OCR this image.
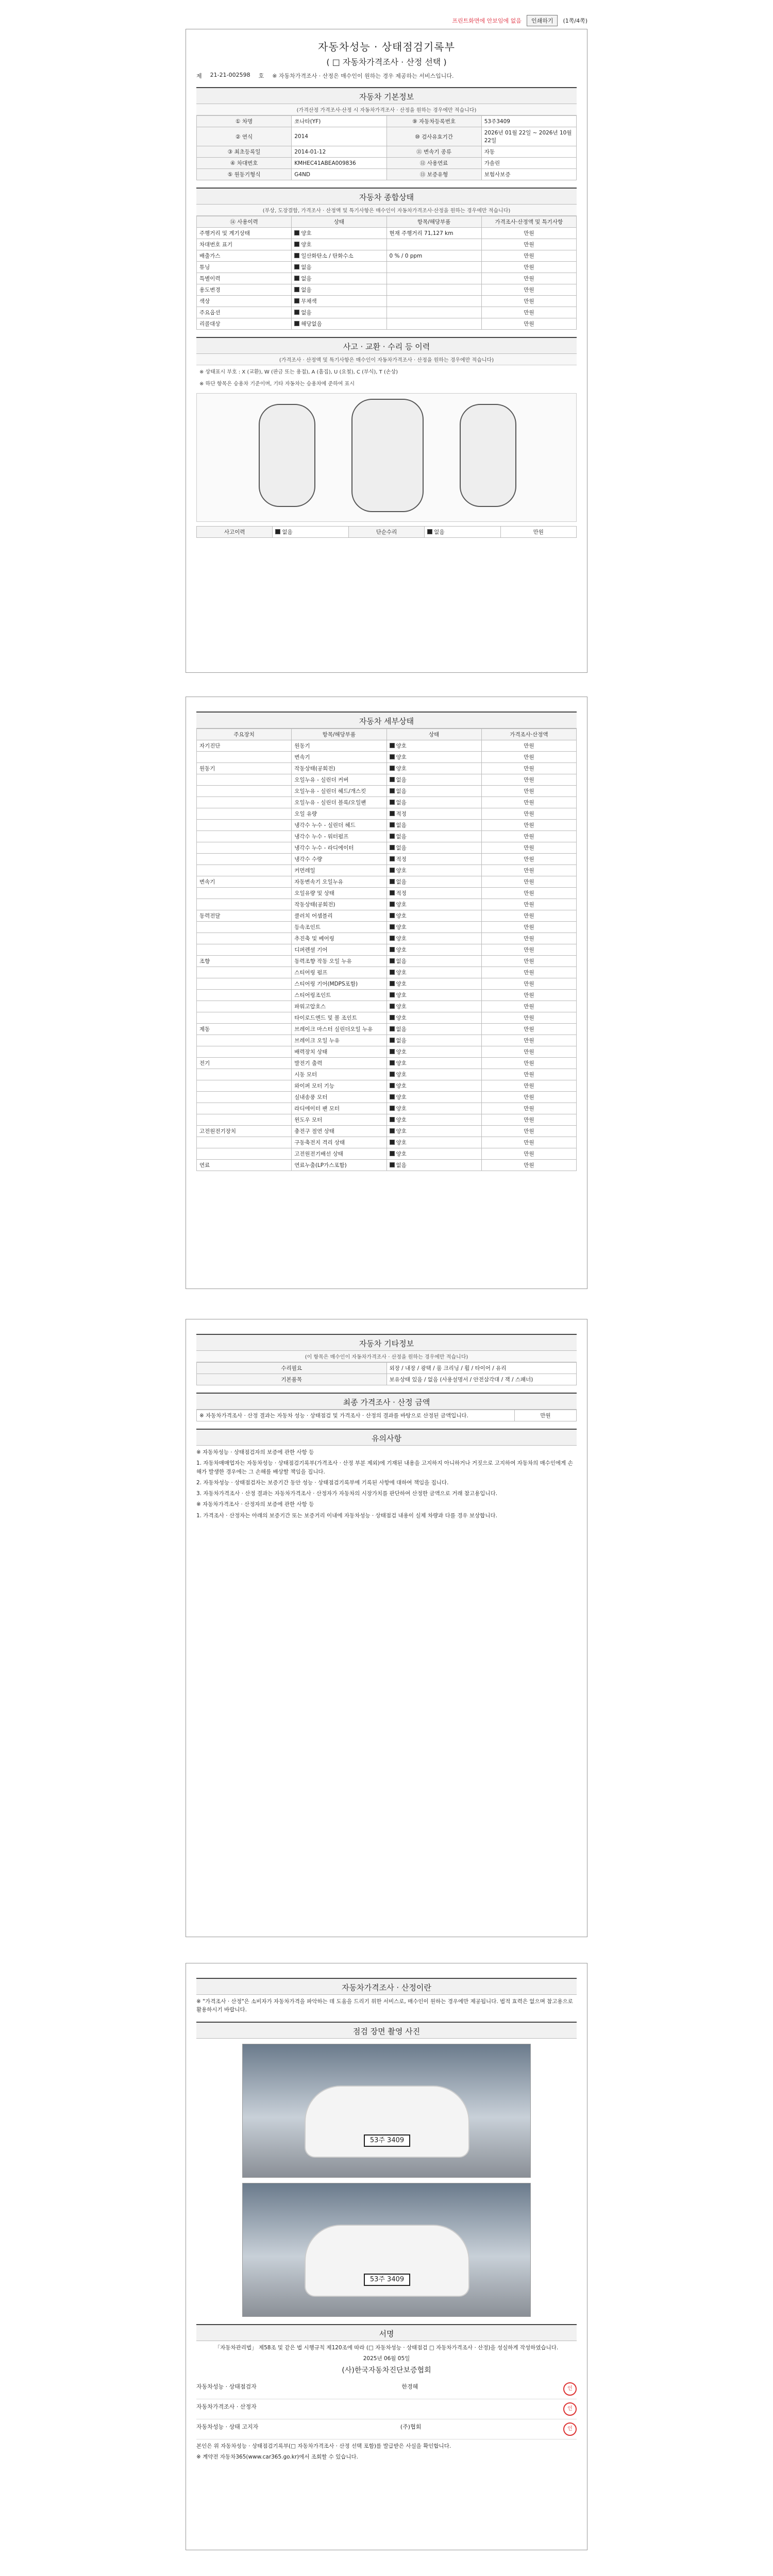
프린트화면에 안보임에 없음	인쇄하기	(1쪽/4쪽)
자동차성능 · 상태점검기록부
( □ 자동차가격조사 · 산정 선택 )
제 21-21-002598 호 ※ 자동차가격조사 · 산정은 매수인이 원하는 경우 제공하는 서비스입니다.
자동차 기본정보
(가격산정 가격조사·산정 시 자동차가격조사 · 산정을 원하는 경우에만 적습니다)
① 차명	쏘나타(YF)	⑨ 자동차등록번호	53주3409
② 연식	2014	⑩ 검사유효기간	2026년 01월 22일 ~ 2026년 10월 22일
③ 최초등록일	2014-01-12	⑪ 변속기 종류	자동
④ 차대번호	KMHEC41ABEA009836	⑫ 사용연료	가솔린
⑤ 원동기형식	G4ND	⑬ 보증유형	보험사보증
자동차 종합상태
(부상, 도장결함, 가격조사 · 산정액 및 특기사항은 매수인이 자동차가격조사·산정을 원하는 경우에만 적습니다)
⑭ 사용이력	상태	항목/해당부품	가격조사·산정액 및 특기사항
주행거리 및 계기상태	양호	현재 주행거리 71,127 km	만원
차대번호 표기	양호		만원
배출가스	일산화탄소 / 탄화수소	0 % / 0 ppm	만원
튜닝	없음		만원
특별이력	없음		만원
용도변경	없음		만원
색상	무채색		만원
주요옵션	없음		만원
리콜대상	해당없음		만원
사고 · 교환 · 수리 등 이력
(가격조사 · 산정액 및 특기사항은 매수인이 자동차가격조사 · 산정을 원하는 경우에만 적습니다)
※ 상태표시 부호 : X (교환), W (판금 또는 용접), A (흠집), U (요철), C (부식), T (손상)
※ 하단 항목은 승용차 기준이며, 기타 자동차는 승용차에 준하여 표시
사고이력	없음	단순수리	없음	만원
자동차 세부상태
주요장치	항목/해당부품	상태	가격조사·산정액
자기진단	원동기	양호	만원
	변속기	양호	만원
원동기	작동상태(공회전)	양호	만원
	오일누유 - 실린더 커버	없음	만원
	오일누유 - 실린더 헤드/개스킷	없음	만원
	오일누유 - 실린더 블록/오일팬	없음	만원
	오일 유량	적정	만원
	냉각수 누수 - 실린더 헤드	없음	만원
	냉각수 누수 - 워터펌프	없음	만원
	냉각수 누수 - 라디에이터	없음	만원
	냉각수 수량	적정	만원
	커먼레일	양호	만원
변속기	자동변속기 오일누유	없음	만원
	오일유량 및 상태	적정	만원
	작동상태(공회전)	양호	만원
동력전달	클러치 어셈블리	양호	만원
	등속조인트	양호	만원
	추진축 및 베어링	양호	만원
	디퍼렌셜 기어	양호	만원
조향	동력조향 작동 오일 누유	없음	만원
	스티어링 펌프	양호	만원
	스티어링 기어(MDPS포함)	양호	만원
	스티어링조인트	양호	만원
	파워고압호스	양호	만원
	타이로드엔드 및 볼 조인트	양호	만원
제동	브레이크 마스터 실린더오일 누유	없음	만원
	브레이크 오일 누유	없음	만원
	배력장치 상태	양호	만원
전기	발전기 출력	양호	만원
	시동 모터	양호	만원
	와이퍼 모터 기능	양호	만원
	실내송풍 모터	양호	만원
	라디에이터 팬 모터	양호	만원
	윈도우 모터	양호	만원
고전원전기장치	충전구 절연 상태	양호	만원
	구동축전지 격리 상태	양호	만원
	고전원전기배선 상태	양호	만원
연료	연료누출(LP가스포함)	없음	만원
자동차 기타정보
(이 항목은 매수인이 자동차가격조사 · 산정을 원하는 경우에만 적습니다)
수리필요	외장 / 내장 / 광택 / 룸 크리닝 / 휠 / 타이어 / 유리
기본품목	보유상태 있음 / 없음 (사용설명서 / 안전삼각대 / 잭 / 스패너)
최종 가격조사 · 산정 금액
※ 자동차가격조사 · 산정 결과는 자동차 성능 · 상태점검 및 가격조사 · 산정의 결과를 바탕으로 산정된 금액입니다.	만원
유의사항

※ 자동차성능 · 상태점검자의 보증에 관한 사항 등

1. 자동차매매업자는 자동차성능 · 상태점검기록부(가격조사 · 산정 부분 제외)에 기재된 내용을 고지하지 아니하거나 거짓으로 고지하여 자동차의 매수인에게 손해가 발생한 경우에는 그 손해를 배상할 책임을 집니다.

2. 자동차성능 · 상태점검자는 보증기간 동안 성능 · 상태점검기록부에 기록된 사항에 대하여 책임을 집니다.

3. 자동차가격조사 · 산정 결과는 자동차가격조사 · 산정자가 자동차의 시장가치를 판단하여 산정한 금액으로 거래 참고용입니다.

※ 자동차가격조사 · 산정자의 보증에 관한 사항 등

1. 가격조사 · 산정자는 아래의 보증기간 또는 보증거리 이내에 자동차성능 · 상태점검 내용이 실제 차량과 다를 경우 보상합니다.

자동차가격조사 · 산정이란

※ "가격조사 · 산정"은 소비자가 자동차가격을 파악하는 데 도움을 드리기 위한 서비스로, 매수인이 원하는 경우에만 제공됩니다. 법적 효력은 없으며 참고용으로 활용하시기 바랍니다.

점검 장면 촬영 사진
53주 3409
53주 3409
서명

「자동차관리법」 제58조 및 같은 법 시행규칙 제120조에 따라 (□ 자동차성능 · 상태점검 □ 자동차가격조사 · 산정)을 성실하게 작성하였습니다.

2025년 06월 05일

(사)한국자동차진단보증협회

자동차성능 · 상태점검자	한경혜	인
자동차가격조사 · 산정자	인
자동차성능 · 상태 고지자	(주)협회	인

본인은 위 자동차성능 · 상태점검기록부(□ 자동차가격조사 · 산정 선택 포함)를 발급받은 사실을 확인합니다.

※ 계약전 자동차365(www.car365.go.kr)에서 조회할 수 있습니다.
